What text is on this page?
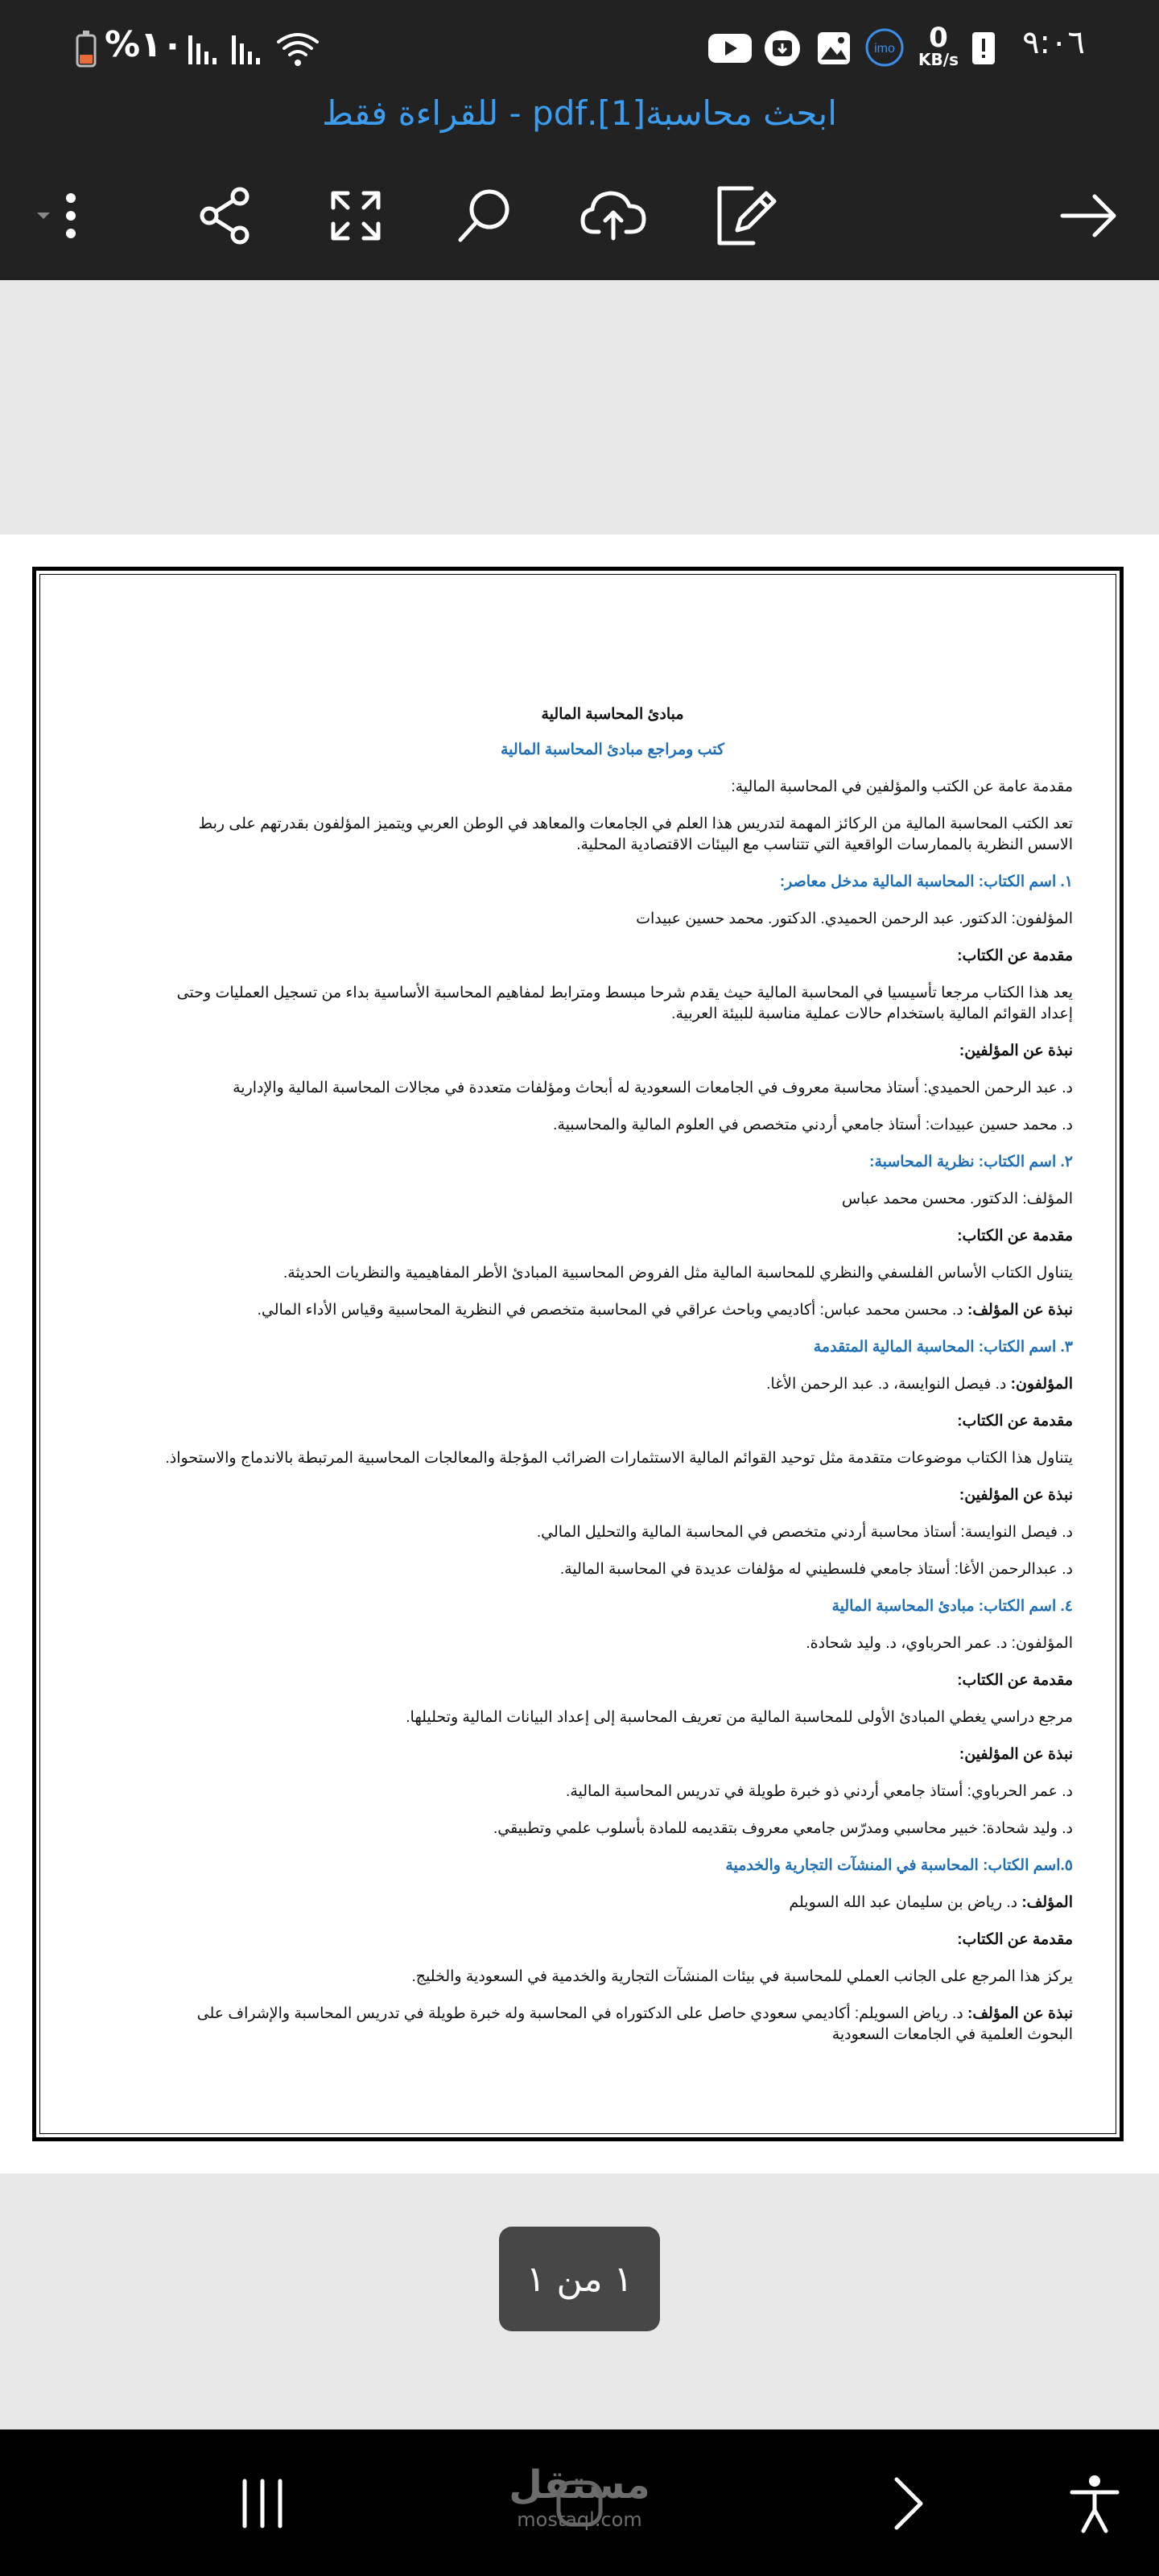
%١٠	imo	0
KB/s ٩:٠٦
ابحث محاسبة[1].pdf - للقراءة فقط

مبادئ المحاسبة المالية

كتب ومراجع مبادئ المحاسبة المالية

مقدمة عامة عن الكتب والمؤلفين في المحاسبة المالية:

تعد الكتب المحاسبة المالية من الركائز المهمة لتدريس هذا العلم في الجامعات والمعاهد في الوطن العربي ويتميز المؤلفون بقدرتهم على ربط الاسس النظرية بالممارسات الواقعية التي تتناسب مع البيئات الاقتصادية المحلية.

١. اسم الكتاب: المحاسبة المالية مدخل معاصر:

المؤلفون: الدكتور. عبد الرحمن الحميدي. الدكتور. محمد حسين عبيدات

مقدمة عن الكتاب:

يعد هذا الكتاب مرجعا تأسيسيا في المحاسبة المالية حيث يقدم شرحا مبسط ومترابط لمفاهيم المحاسبة الأساسية بداء من تسجيل العمليات وحتى إعداد القوائم المالية باستخدام حالات عملية مناسبة للبيئة العربية.

نبذة عن المؤلفين:

د. عبد الرحمن الحميدي: أستاذ محاسبة معروف في الجامعات السعودية له أبحاث ومؤلفات متعددة في مجالات المحاسبة المالية والإدارية

د. محمد حسين عبيدات: أستاذ جامعي أردني متخصص في العلوم المالية والمحاسبية.

٢. اسم الكتاب: نظرية المحاسبة:

المؤلف: الدكتور. محسن محمد عباس

مقدمة عن الكتاب:

يتناول الكتاب الأساس الفلسفي والنظري للمحاسبة المالية مثل الفروض المحاسبية المبادئ الأطر المفاهيمية والنظريات الحديثة.

نبذة عن المؤلف: د. محسن محمد عباس: أكاديمي وباحث عراقي في المحاسبة متخصص في النظرية المحاسبية وقياس الأداء المالي.

٣. اسم الكتاب: المحاسبة المالية المتقدمة

المؤلفون: د. فيصل النوايسة، د. عبد الرحمن الأغا.

مقدمة عن الكتاب:

يتناول هذا الكتاب موضوعات متقدمة مثل توحيد القوائم المالية الاستثمارات الضرائب المؤجلة والمعالجات المحاسبية المرتبطة بالاندماج والاستحواذ.

نبذة عن المؤلفين:

د. فيصل النوايسة: أستاذ محاسبة أردني متخصص في المحاسبة المالية والتحليل المالي.

د. عبدالرحمن الأغا: أستاذ جامعي فلسطيني له مؤلفات عديدة في المحاسبة المالية.

٤. اسم الكتاب: مبادئ المحاسبة المالية

المؤلفون: د. عمر الحرباوي، د. وليد شحادة.

مقدمة عن الكتاب:

مرجع دراسي يغطي المبادئ الأولى للمحاسبة المالية من تعريف المحاسبة إلى إعداد البيانات المالية وتحليلها.

نبذة عن المؤلفين:

د. عمر الحرباوي: أستاذ جامعي أردني ذو خبرة طويلة في تدريس المحاسبة المالية.

د. وليد شحادة: خبير محاسبي ومدرّس جامعي معروف بتقديمه للمادة بأسلوب علمي وتطبيقي.

٥.اسم الكتاب: المحاسبة في المنشآت التجارية والخدمية

المؤلف: د. رياض بن سليمان عبد الله السويلم

مقدمة عن الكتاب:

يركز هذا المرجع على الجانب العملي للمحاسبة في بيئات المنشآت التجارية والخدمية في السعودية والخليج.

نبذة عن المؤلف: د. رياض السويلم: أكاديمي سعودي حاصل على الدكتوراه في المحاسبة وله خبرة طويلة في تدريس المحاسبة والإشراف على البحوث العلمية في الجامعات السعودية

١ من ١
مستقل
mostaql.com
